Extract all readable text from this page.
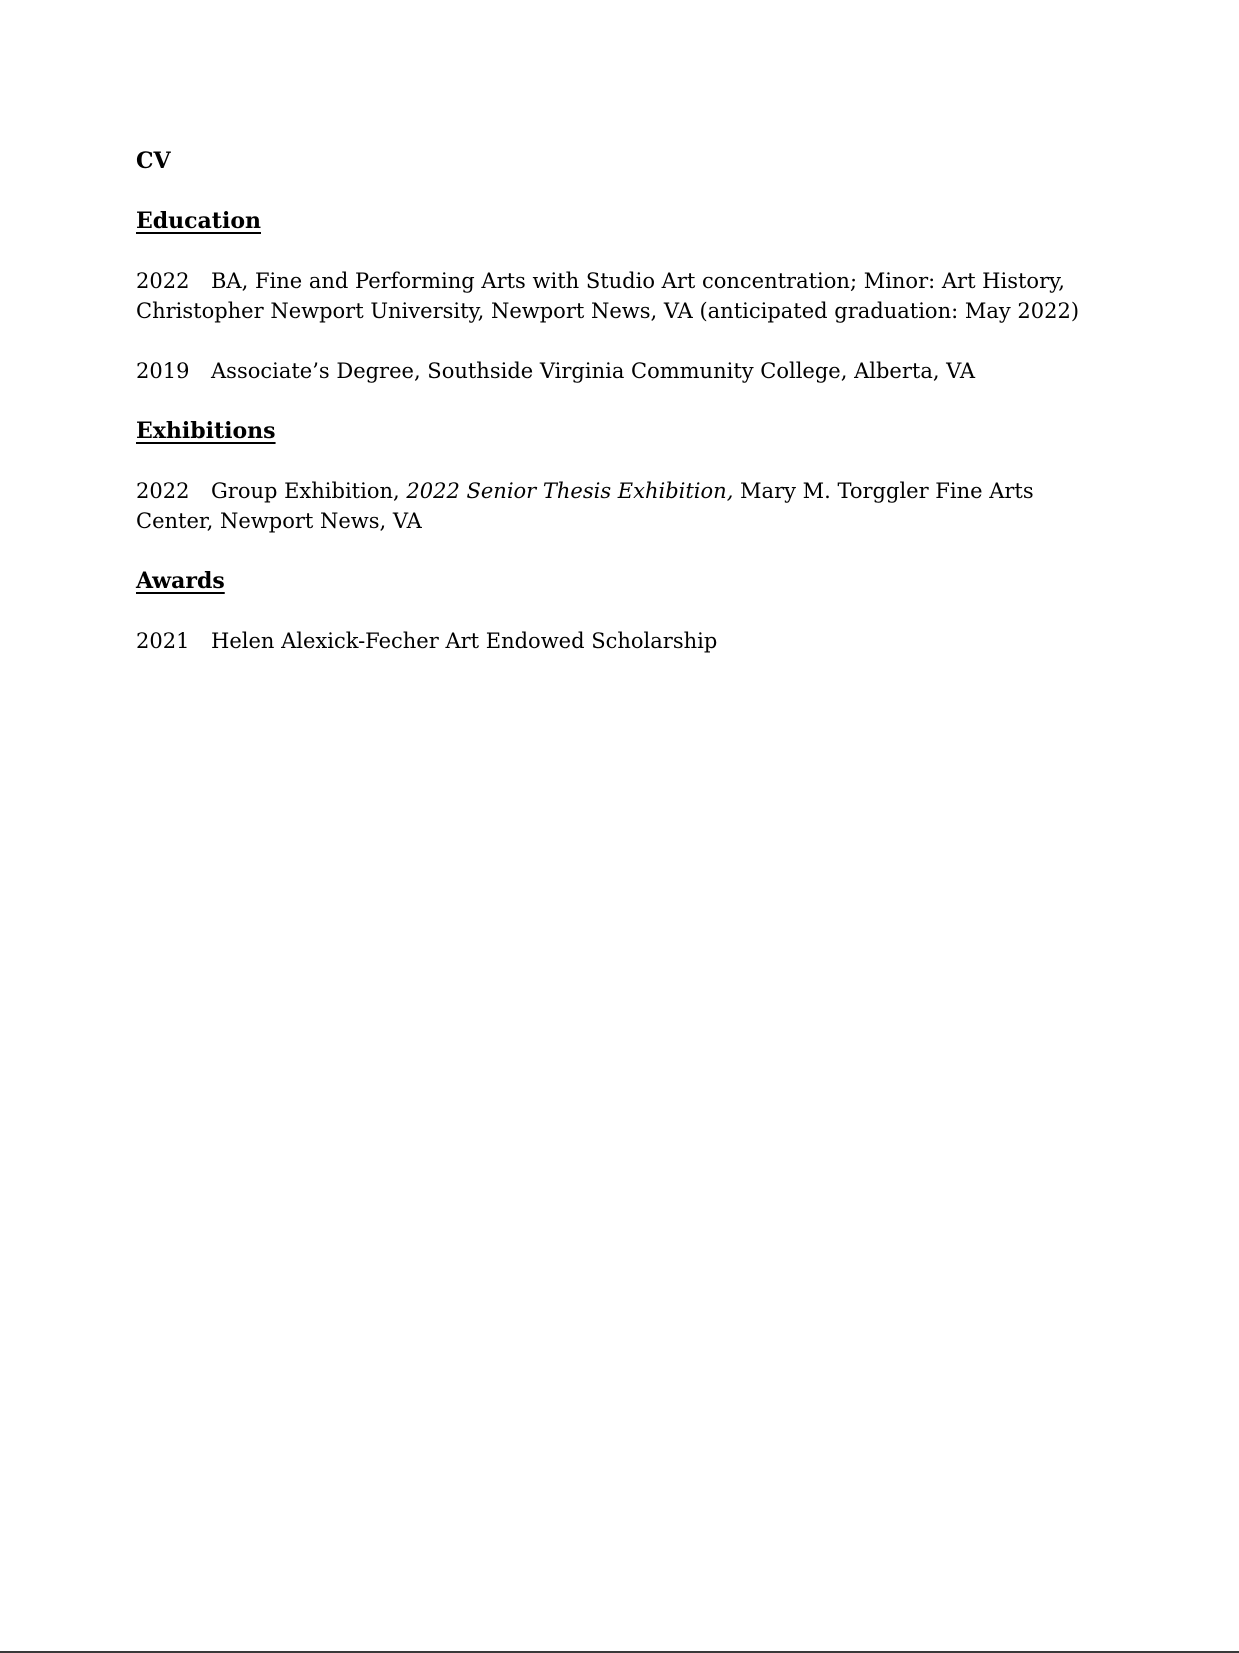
CV
Education
2022 BA, Fine and Performing Arts with Studio Art concentration; Minor: Art History, Christopher Newport University, Newport News, VA (anticipated graduation: May 2022)
2019 Associate’s Degree, Southside Virginia Community College, Alberta, VA
Exhibitions
2022 Group Exhibition, 2022 Senior Thesis Exhibition, Mary M. Torggler Fine Arts Center, Newport News, VA
Awards
2021 Helen Alexick-Fecher Art Endowed Scholarship
